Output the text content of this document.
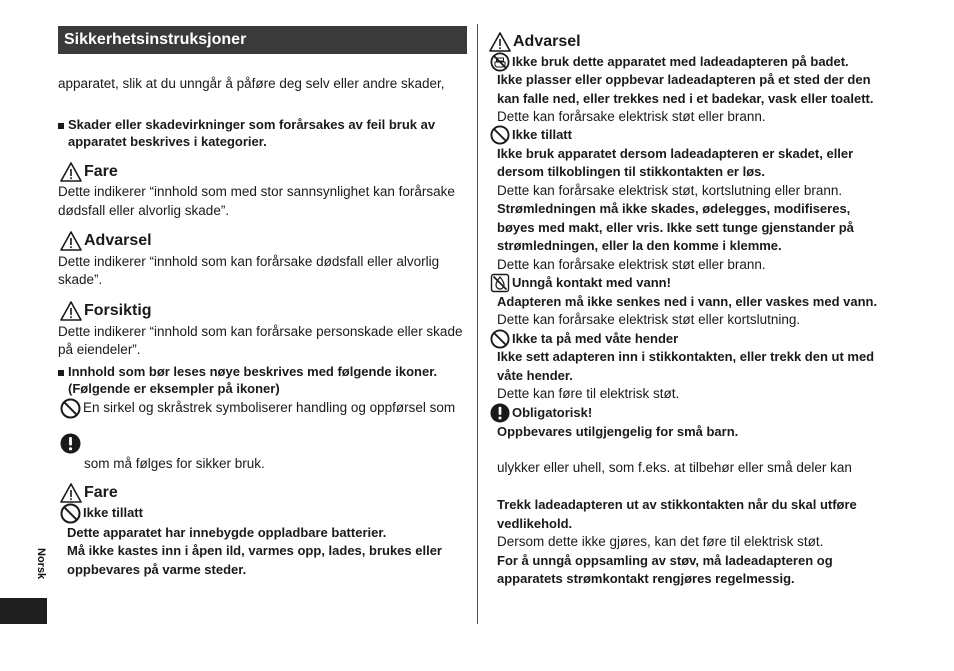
Sikkerhetsinstruksjoner
Norsk
apparatet, slik at du unngår å påføre deg selv eller andre skader,
Skader eller skadevirkninger som forårsakes av feil bruk av
apparatet beskrives i kategorier.
Fare
Dette indikerer “innhold som med stor sannsynlighet kan forårsake
dødsfall eller alvorlig skade”.
Advarsel
Dette indikerer “innhold som kan forårsake dødsfall eller alvorlig
skade”.
Forsiktig
Dette indikerer “innhold som kan forårsake personskade eller skade
på eiendeler”.
Innhold som bør leses nøye beskrives med følgende ikoner.
(Følgende er eksempler på ikoner)
En sirkel og skråstrek symboliserer handling og oppførsel som
som må følges for sikker bruk.
Fare
Ikke tillatt
Dette apparatet har innebygde oppladbare batterier.
Må ikke kastes inn i åpen ild, varmes opp, lades, brukes eller
oppbevares på varme steder.
Advarsel
Ikke bruk dette apparatet med ladeadapteren på badet.
Ikke plasser eller oppbevar ladeadapteren på et sted der den
kan falle ned, eller trekkes ned i et badekar, vask eller toalett.
Dette kan forårsake elektrisk støt eller brann.
Ikke tillatt
Ikke bruk apparatet dersom ladeadapteren er skadet, eller
dersom tilkoblingen til stikkontakten er løs.
Dette kan forårsake elektrisk støt, kortslutning eller brann.
Strømledningen må ikke skades, ødelegges, modifiseres,
bøyes med makt, eller vris. Ikke sett tunge gjenstander på
strømledningen, eller la den komme i klemme.
Dette kan forårsake elektrisk støt eller brann.
Unngå kontakt med vann!
Adapteren må ikke senkes ned i vann, eller vaskes med vann.
Dette kan forårsake elektrisk støt eller kortslutning.
Ikke ta på med våte hender
Ikke sett adapteren inn i stikkontakten, eller trekk den ut med
våte hender.
Dette kan føre til elektrisk støt.
Obligatorisk!
Oppbevares utilgjengelig for små barn.
ulykker eller uhell, som f.eks. at tilbehør eller små deler kan
Trekk ladeadapteren ut av stikkontakten når du skal utføre
vedlikehold.
Dersom dette ikke gjøres, kan det føre til elektrisk støt.
For å unngå oppsamling av støv, må ladeadapteren og
apparatets strømkontakt rengjøres regelmessig.
